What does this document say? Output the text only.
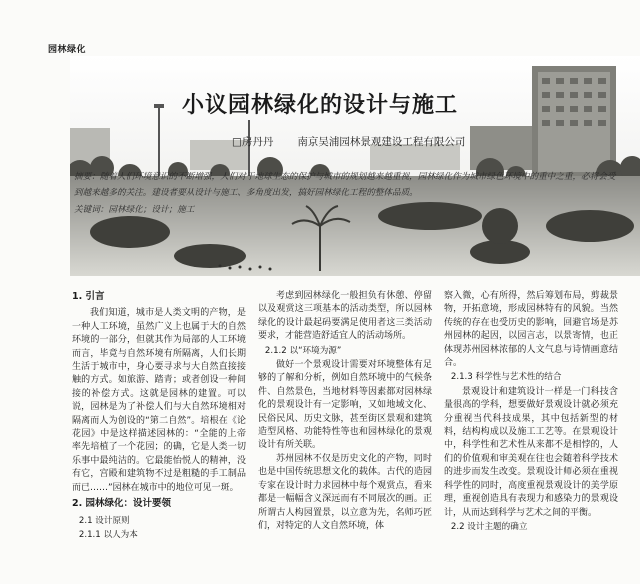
园林绿化
小议园林绿化的设计与施工
□房丹丹 南京吴浦园林景观建设工程有限公司
摘要：随着人们环境意识的不断增强，人们对于地球生态的保护与城市的规划越来越重视，园林绿化作为城市绿色环境中的重中之重，必将会受到越来越多的关注。建设者要从设计与施工、多角度出发，搞好园林绿化工程的整体品质。
关键词：园林绿化；设计；施工
1. 引言

我们知道，城市是人类文明的产物，是一种人工环境，虽然广义上也属于大的自然环境的一部分，但就其作为局部的人工环境而言，毕竟与自然环境有所隔离，人们长期生活于城市中，身心要寻求与大自然直接接触的方式。如旅游、踏青；或者创设一种间接的补偿方式。这就是园林的建置。可以说，园林是为了补偿人们与大自然环境相对隔离而人为创设的“第二自然”。培根在《论花园》中是这样描述园林的：“全能的上帝率先培植了一个花园；的确，它是人类一切乐事中最纯洁的。它最能怡悦人的精神，没有它，宫殿和建筑物不过是粗糙的手工制品而已……”园林在城市中的地位可见一斑。

2. 园林绿化：设计要领
2.1 设计原则
2.1.1 以人为本

考虑到园林绿化一般担负有休憩、停留以及观赏这三项基本的活动类型，所以园林绿化的设计最起码要满足使用者这三类活动要求，才能营造舒适宜人的活动场所。

2.1.2 以“环境为源”

做好一个景观设计需要对环境整体有足够的了解和分析，例如自然环境中的气候条件、自然景色，当地材料等因素都对园林绿化的景观设计有一定影响，又如地域文化、民俗民风、历史文脉，甚至街区景观和建筑造型风格、功能特性等也和园林绿化的景观设计有所关联。

苏州园林不仅是历史文化的产物，同时也是中国传统思想文化的载体。古代的造园专家在设计时力求园林中每个观赏点，看来都是一幅幅含义深远而有不同展次的画。正所谓古人构园置景，以立意为先，名师巧匠们，对特定的人文自然环境，体

察入微，心有所得，然后筹划布局，剪裁景物，开拓意境，形成园林特有的风貌。当然传统的存在也受历史的影响，回避官场是苏州园林的起因，以园言志，以景寄情，也正体现苏州园林浓郁的人文气息与诗情画意结合。

2.1.3 科学性与艺术性的结合

景观设计和建筑设计一样是一门科技含量很高的学科，想要做好景观设计就必须充分重视当代科技成果，其中包括新型的材料，结构构成以及施工工艺等。在景观设计中，科学性和艺术性从来都不是相悖的，人们的价值观和审美观在往也会随着科学技术的进步而发生改变。景观设计师必须在重视科学性的同时，高度重视景观设计的美学原理，重视创造具有表现力和感染力的景观设计，从而达到科学与艺术之间的平衡。

2.2 设计主题的确立
